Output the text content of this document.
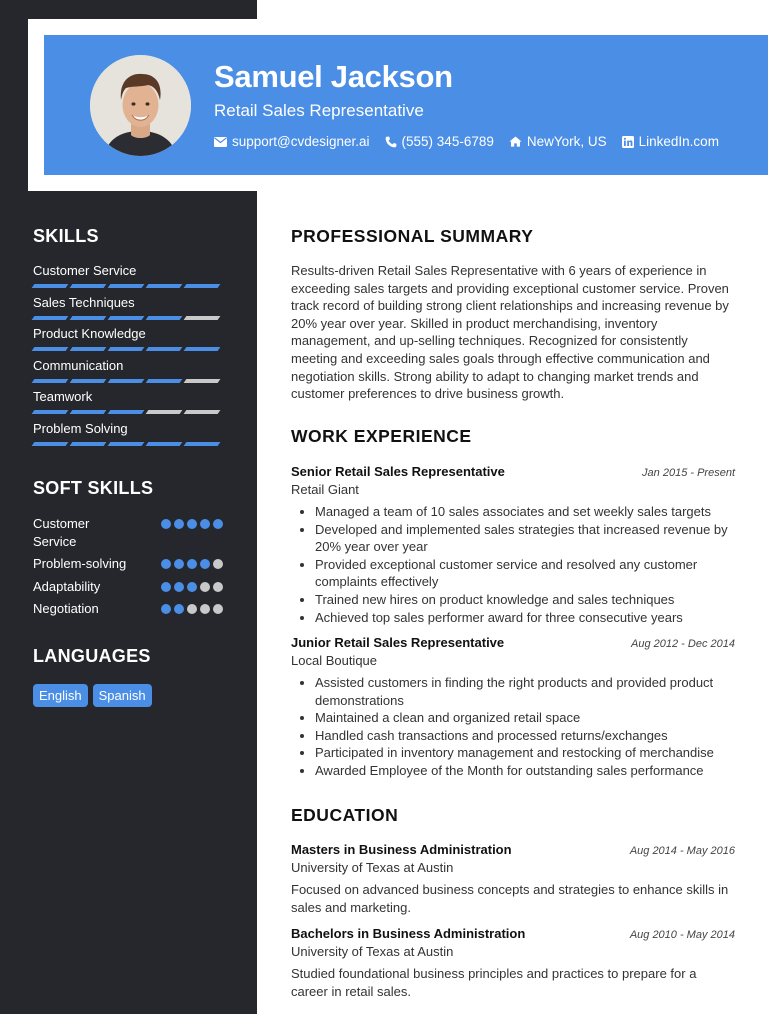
Samuel Jackson
Retail Sales Representative
support@cvdesigner.ai (555) 345-6789 NewYork, US LinkedIn.com
SKILLS
Customer Service
Sales Techniques
Product Knowledge
Communication
Teamwork
Problem Solving
SOFT SKILLS
Customer Service
Problem-solving
Adaptability
Negotiation
LANGUAGES
English	Spanish
PROFESSIONAL SUMMARY
Results-driven Retail Sales Representative with 6 years of experience in exceeding sales targets and providing exceptional customer service. Proven track record of building strong client relationships and increasing revenue by 20% year over year. Skilled in product merchandising, inventory management, and up-selling techniques. Recognized for consistently meeting and exceeding sales goals through effective communication and negotiation skills. Strong ability to adapt to changing market trends and customer preferences to drive business growth.
WORK EXPERIENCE
Senior Retail Sales Representative	Jan 2015 - Present
Retail Giant
• Managed a team of 10 sales associates and set weekly sales targets
• Developed and implemented sales strategies that increased revenue by 20% year over year
• Provided exceptional customer service and resolved any customer complaints effectively
• Trained new hires on product knowledge and sales techniques
• Achieved top sales performer award for three consecutive years
Junior Retail Sales Representative	Aug 2012 - Dec 2014
Local Boutique
• Assisted customers in finding the right products and provided product demonstrations
• Maintained a clean and organized retail space
• Handled cash transactions and processed returns/exchanges
• Participated in inventory management and restocking of merchandise
• Awarded Employee of the Month for outstanding sales performance
EDUCATION
Masters in Business Administration	Aug 2014 - May 2016
University of Texas at Austin
Focused on advanced business concepts and strategies to enhance skills in sales and marketing.
Bachelors in Business Administration	Aug 2010 - May 2014
University of Texas at Austin
Studied foundational business principles and practices to prepare for a career in retail sales.
